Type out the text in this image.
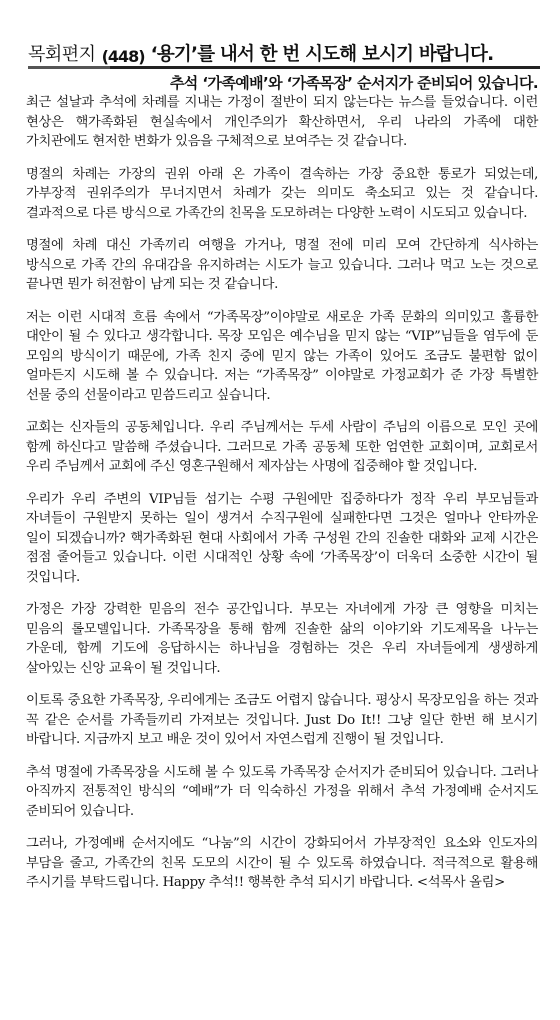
목회편지 (448) ‘용기’를 내서 한 번 시도해 보시기 바랍니다.
추석 ‘가족예배’와 ‘가족목장’ 순서지가 준비되어 있습니다.

최근 설날과 추석에 차례를 지내는 가정이 절반이 되지 않는다는 뉴스를 들었습니다. 이런 현상은 핵가족화된 현실속에서 개인주의가 확산하면서, 우리 나라의 가족에 대한 가치관에도 현저한 변화가 있음을 구체적으로 보여주는 것 같습니다.

명절의 차례는 가장의 권위 아래 온 가족이 결속하는 가장 중요한 통로가 되었는데, 가부장적 권위주의가 무너지면서 차례가 갖는 의미도 축소되고 있는 것 같습니다. 결과적으로 다른 방식으로 가족간의 친목을 도모하려는 다양한 노력이 시도되고 있습니다.

명절에 차례 대신 가족끼리 여행을 가거나, 명절 전에 미리 모여 간단하게 식사하는 방식으로 가족 간의 유대감을 유지하려는 시도가 늘고 있습니다. 그러나 먹고 노는 것으로 끝나면 뭔가 허전함이 남게 되는 것 같습니다.

저는 이런 시대적 흐름 속에서 “가족목장”이야말로 새로운 가족 문화의 의미있고 훌륭한 대안이 될 수 있다고 생각합니다. 목장 모임은 예수님을 믿지 않는 “VIP”님들을 염두에 둔 모임의 방식이기 때문에, 가족 친지 중에 믿지 않는 가족이 있어도 조금도 불편함 없이 얼마든지 시도해 볼 수 있습니다. 저는 “가족목장” 이야말로 가정교회가 준 가장 특별한 선물 중의 선물이라고 믿씀드리고 싶습니다.

교회는 신자들의 공동체입니다. 우리 주님께서는 두세 사람이 주님의 이름으로 모인 곳에 함께 하신다고 말씀해 주셨습니다. 그러므로 가족 공동체 또한 엄연한 교회이며, 교회로서 우리 주님께서 교회에 주신 영혼구원해서 제자삼는 사명에 집중해야 할 것입니다.

우리가 우리 주변의 VIP님들 섬기는 수평 구원에만 집중하다가 정작 우리 부모님들과 자녀들이 구원받지 못하는 일이 생겨서 수직구원에 실패한다면 그것은 얼마나 안타까운 일이 되겠습니까? 핵가족화된 현대 사회에서 가족 구성원 간의 진솔한 대화와 교제 시간은 점점 줄어들고 있습니다. 이런 시대적인 상황 속에 ‘가족목장’이 더욱더 소중한 시간이 될 것입니다.

가정은 가장 강력한 믿음의 전수 공간입니다. 부모는 자녀에게 가장 큰 영향을 미치는 믿음의 롤모델입니다. 가족목장을 통해 함께 진솔한 삶의 이야기와 기도제목을 나누는 가운데, 함께 기도에 응답하시는 하나님을 경험하는 것은 우리 자녀들에게 생생하게 살아있는 신앙 교육이 될 것입니다.

이토록 중요한 가족목장, 우리에게는 조금도 어렵지 않습니다. 평상시 목장모임을 하는 것과 꼭 같은 순서를 가족들끼리 가져보는 것입니다. Just Do It!! 그냥 일단 한번 해 보시기 바랍니다. 지금까지 보고 배운 것이 있어서 자연스럽게 진행이 될 것입니다.

추석 명절에 가족목장을 시도해 볼 수 있도록 가족목장 순서지가 준비되어 있습니다. 그러나 아직까지 전통적인 방식의 “예배”가 더 익숙하신 가정을 위해서 추석 가정예배 순서지도 준비되어 있습니다.

그러나, 가정예배 순서지에도 “나눔”의 시간이 강화되어서 가부장적인 요소와 인도자의 부담을 줄고, 가족간의 친목 도모의 시간이 될 수 있도록 하였습니다. 적극적으로 활용해 주시기를 부탁드립니다. Happy 추석!! 행복한 추석 되시기 바랍니다. <석목사 올림>
